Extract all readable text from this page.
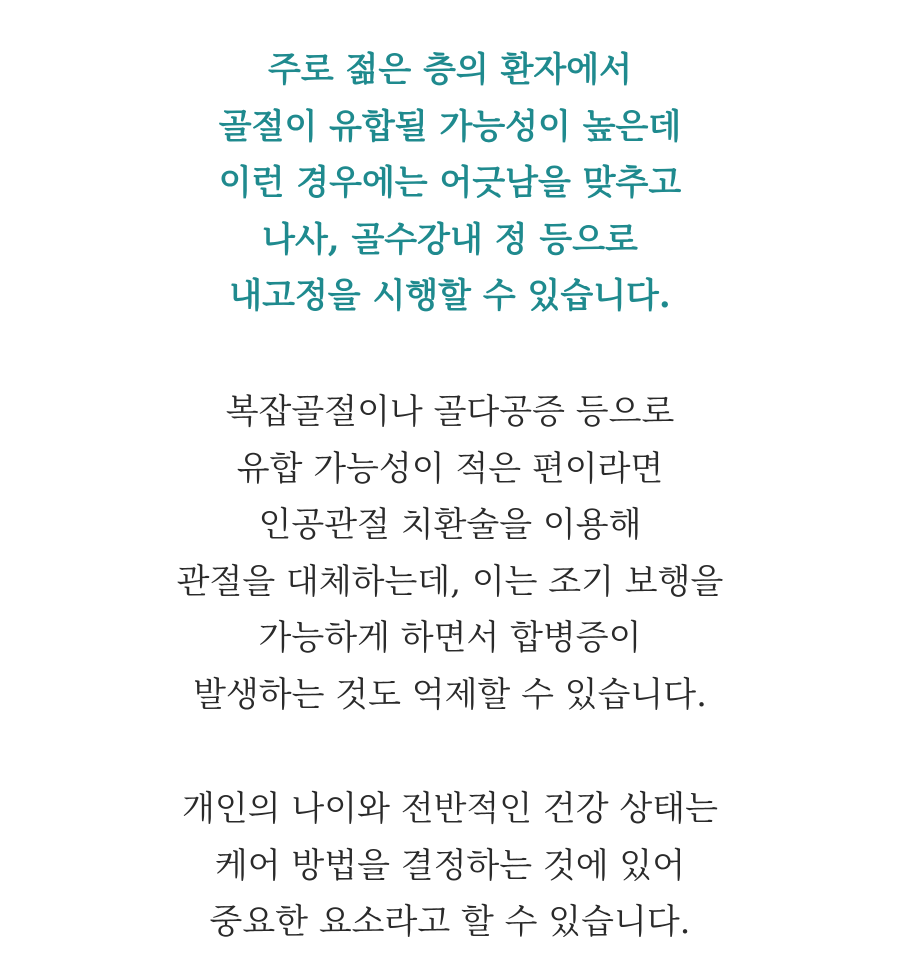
주로 젊은 층의 환자에서
골절이 유합될 가능성이 높은데
이런 경우에는 어긋남을 맞추고
나사, 골수강내 정 등으로
내고정을 시행할 수 있습니다.
복잡골절이나 골다공증 등으로
유합 가능성이 적은 편이라면
인공관절 치환술을 이용해
관절을 대체하는데, 이는 조기 보행을
가능하게 하면서 합병증이
발생하는 것도 억제할 수 있습니다.
개인의 나이와 전반적인 건강 상태는
케어 방법을 결정하는 것에 있어
중요한 요소라고 할 수 있습니다.
